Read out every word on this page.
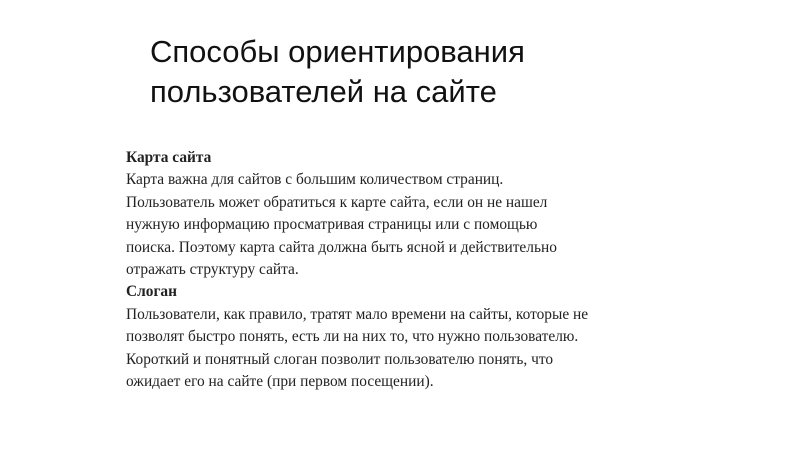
Способы ориентирования
пользователей на сайте
Карта сайта
Карта важна для сайтов с большим количеством страниц.
Пользователь может обратиться к карте сайта, если он не нашел
нужную информацию просматривая страницы или с помощью
поиска. Поэтому карта сайта должна быть ясной и действительно
отражать структуру сайта.
Слоган
Пользователи, как правило, тратят мало времени на сайты, которые не
позволят быстро понять, есть ли на них то, что нужно пользователю.
Короткий и понятный слоган позволит пользователю понять, что
ожидает его на сайте (при первом посещении).
